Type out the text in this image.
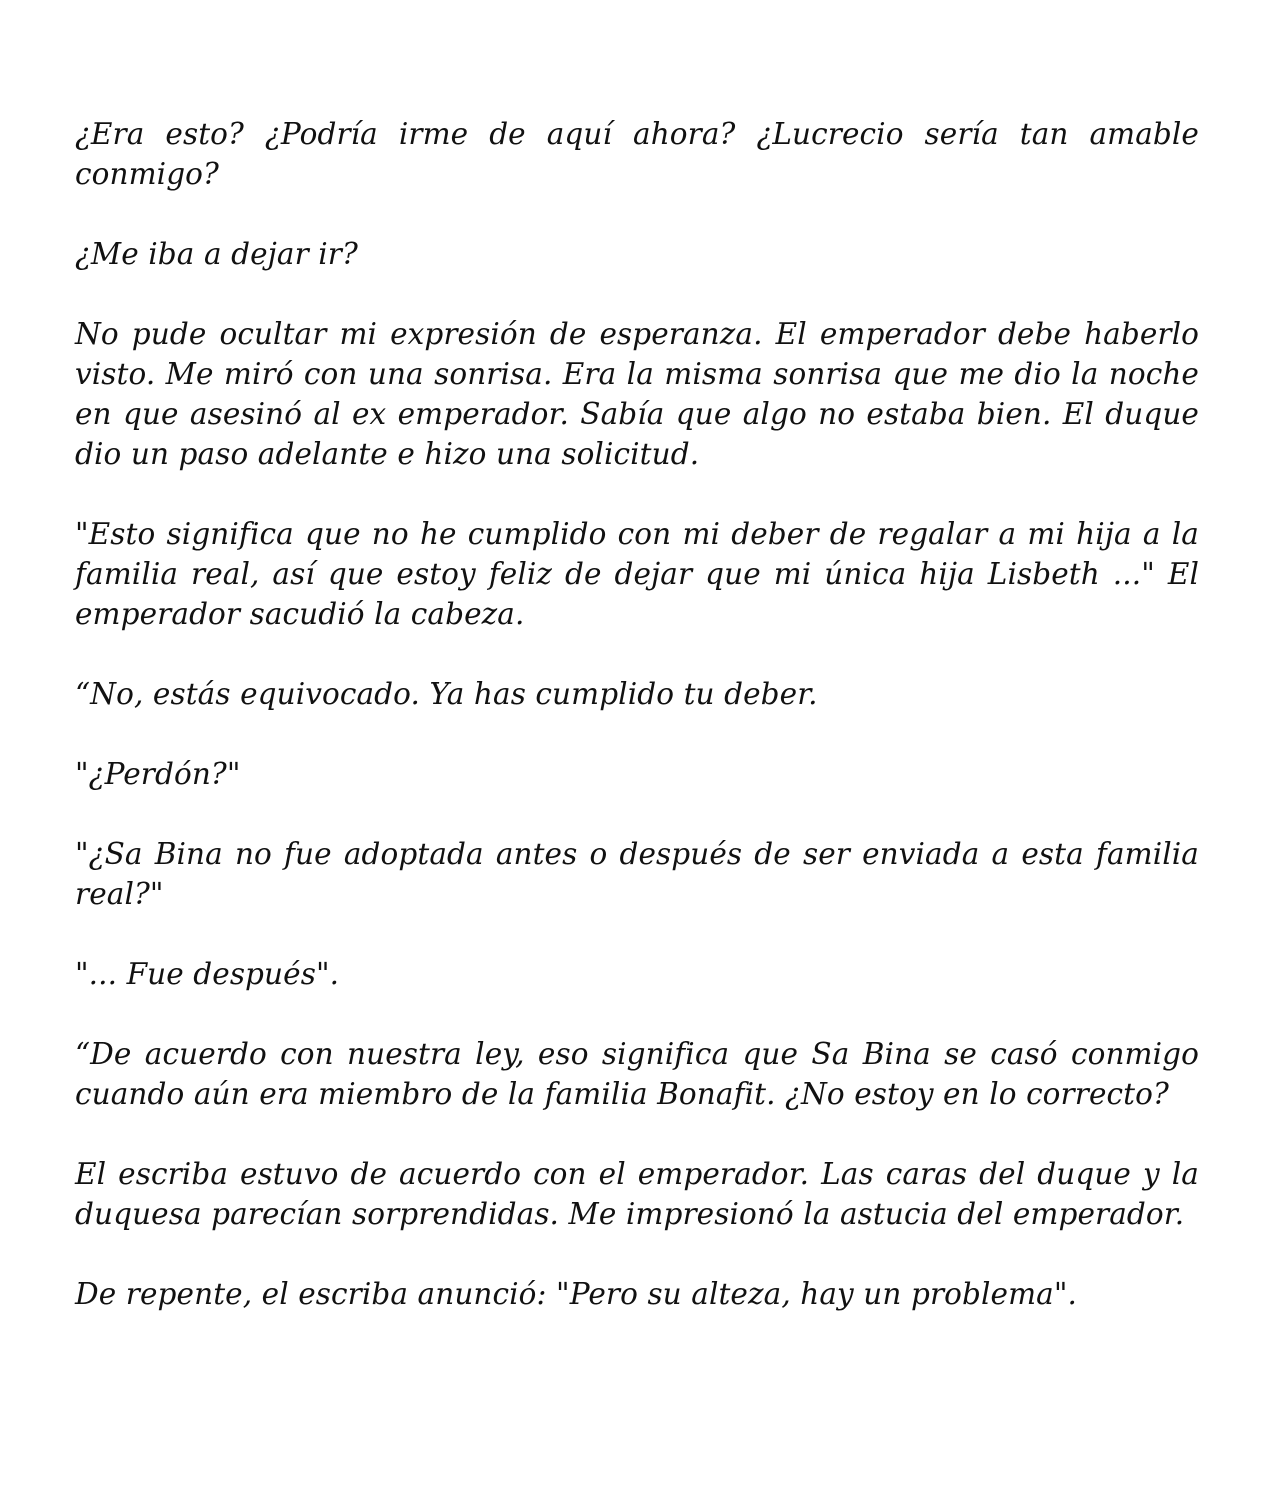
¿Era esto? ¿Podría irme de aquí ahora? ¿Lucrecio sería tan amable conmigo?

¿Me iba a dejar ir?

No pude ocultar mi expresión de esperanza. El emperador debe haberlo visto. Me miró con una sonrisa. Era la misma sonrisa que me dio la noche en que asesinó al ex emperador. Sabía que algo no estaba bien. El duque dio un paso adelante e hizo una solicitud.

"Esto significa que no he cumplido con mi deber de regalar a mi hija a la familia real, así que estoy feliz de dejar que mi única hija Lisbeth ..." El emperador sacudió la cabeza.

“No, estás equivocado. Ya has cumplido tu deber.

"¿Perdón?"

"¿Sa Bina no fue adoptada antes o después de ser enviada a esta familia real?"

"... Fue después".

“De acuerdo con nuestra ley, eso significa que Sa Bina se casó conmigo cuando aún era miembro de la familia Bonafit. ¿No estoy en lo correcto?

El escriba estuvo de acuerdo con el emperador. Las caras del duque y la duquesa parecían sorprendidas. Me impresionó la astucia del emperador.

De repente, el escriba anunció: "Pero su alteza, hay un problema".
